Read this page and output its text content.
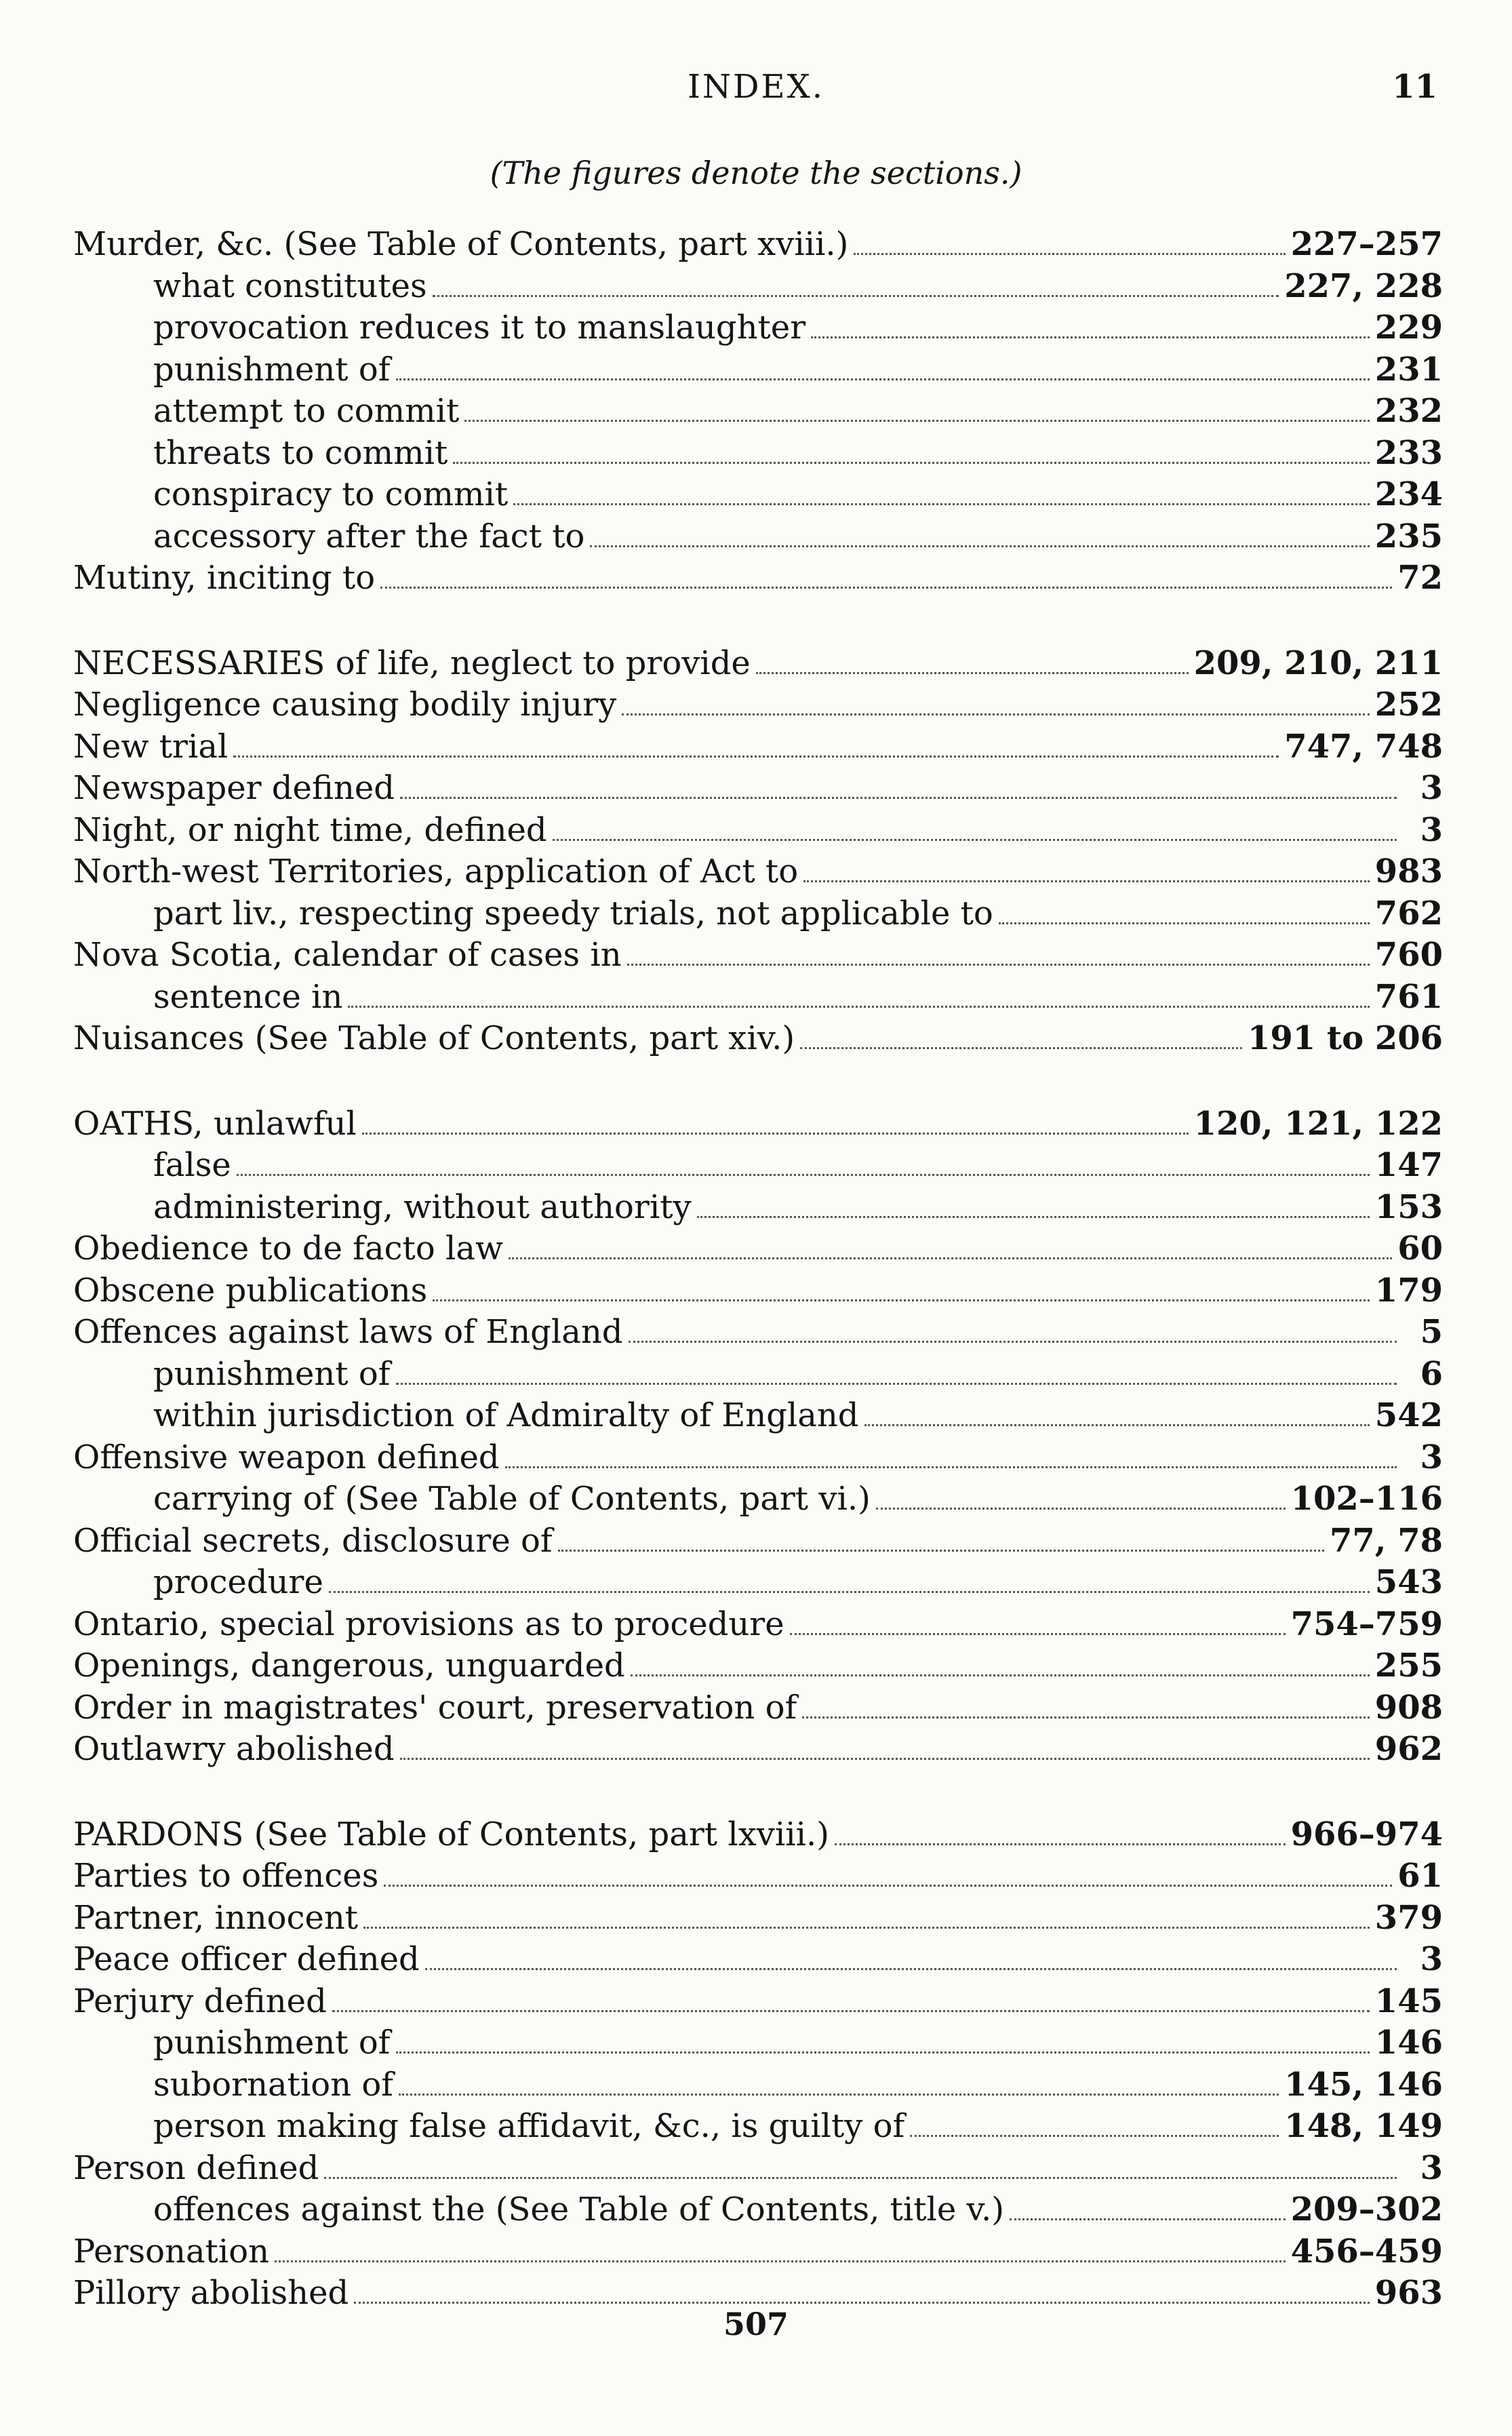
INDEX.	11
(The figures denote the sections.)
Murder, &c. (See Table of Contents, part xviii.)	227–257
what constitutes	227, 228
provocation reduces it to manslaughter	229
punishment of	231
attempt to commit	232
threats to commit	233
conspiracy to commit	234
accessory after the fact to	235
Mutiny, inciting to	72
NECESSARIES of life, neglect to provide	209, 210, 211
Negligence causing bodily injury	252
New trial	747, 748
Newspaper defined	3
Night, or night time, defined	3
North-west Territories, application of Act to	983
part liv., respecting speedy trials, not applicable to	762
Nova Scotia, calendar of cases in	760
sentence in	761
Nuisances (See Table of Contents, part xiv.)	191 to 206
OATHS, unlawful	120, 121, 122
false	147
administering, without authority	153
Obedience to de facto law	60
Obscene publications	179
Offences against laws of England	5
punishment of	6
within jurisdiction of Admiralty of England	542
Offensive weapon defined	3
carrying of (See Table of Contents, part vi.)	102–116
Official secrets, disclosure of	77, 78
procedure	543
Ontario, special provisions as to procedure	754–759
Openings, dangerous, unguarded	255
Order in magistrates' court, preservation of	908
Outlawry abolished	962
PARDONS (See Table of Contents, part lxviii.)	966–974
Parties to offences	61
Partner, innocent	379
Peace officer defined	3
Perjury defined	145
punishment of	146
subornation of	145, 146
person making false affidavit, &c., is guilty of	148, 149
Person defined	3
offences against the (See Table of Contents, title v.)	209–302
Personation	456–459
Pillory abolished	963
507
